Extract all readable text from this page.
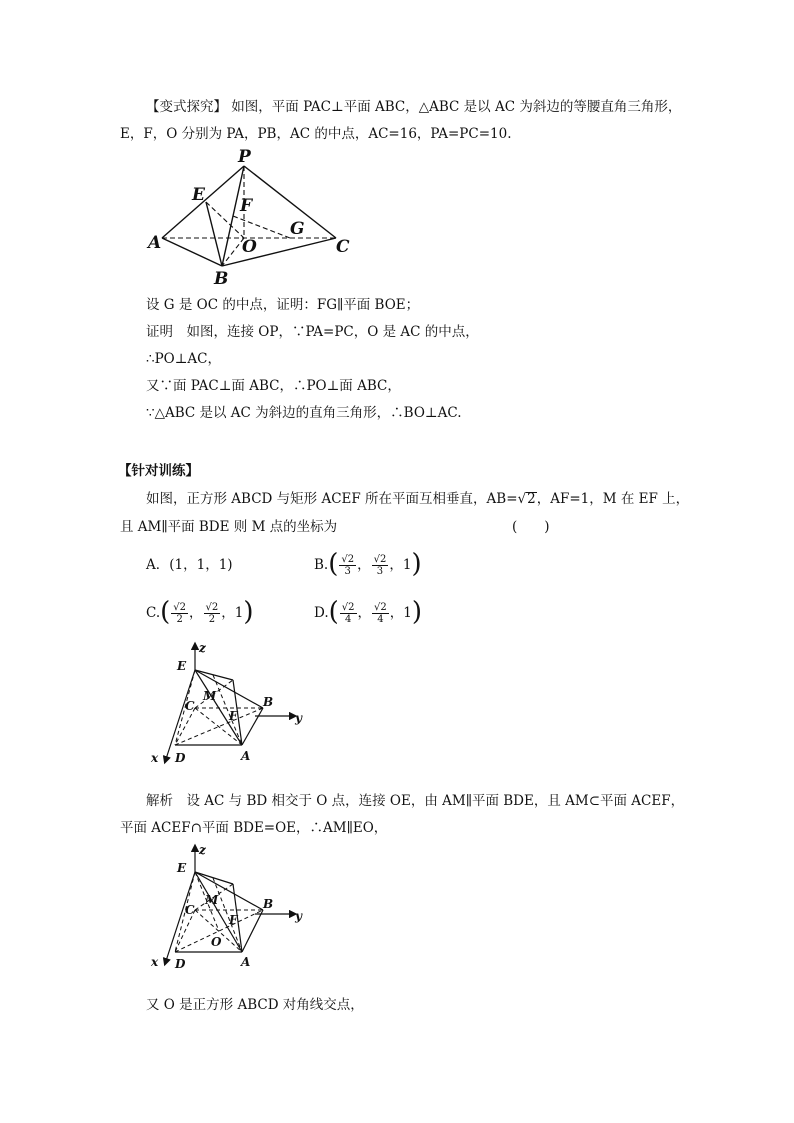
【变式探究】 如图，平面 PAC⊥平面 ABC，△ABC 是以 AC 为斜边的等腰直角三角形，
E，F，O 分别为 PA，PB，AC 的中点，AC=16，PA=PC=10.
P
E
F
G
A	O	C
B
设 G 是 OC 的中点，证明：FG∥平面 BOE；
证明　如图，连接 OP，∵PA=PC，O 是 AC 的中点，
∴PO⊥AC，
又∵面 PAC⊥面 ABC，∴PO⊥面 ABC，
∵△ABC 是以 AC 为斜边的直角三角形，∴BO⊥AC.
【针对训练】
如图，正方形 ABCD 与矩形 ACEF 所在平面互相垂直，AB=√2，AF=1，M 在 EF 上，
且 AM∥平面 BDE 则 M 点的坐标为	(　　)
A．(1，1，1)	$B.( \frac{√2}{3}$ ， $\frac{√2}{3}$ ，1)
$C.( \frac{√2}{2}$ ， $\frac{√2}{2}$ ，1)	$D.( \frac{√2}{4}$ ， $\frac{√2}{4}$ ，1)
z
E
M	B
C
F	y
x D	A
解析　设 AC 与 BD 相交于 O 点，连接 OE，由 AM∥平面 BDE，且 AM⊂平面 ACEF，
平面 ACEF∩平面 BDE=OE，∴AM∥EO，
z
E
M
C
F
B
y
O
x D	A
又 O 是正方形 ABCD 对角线交点，
